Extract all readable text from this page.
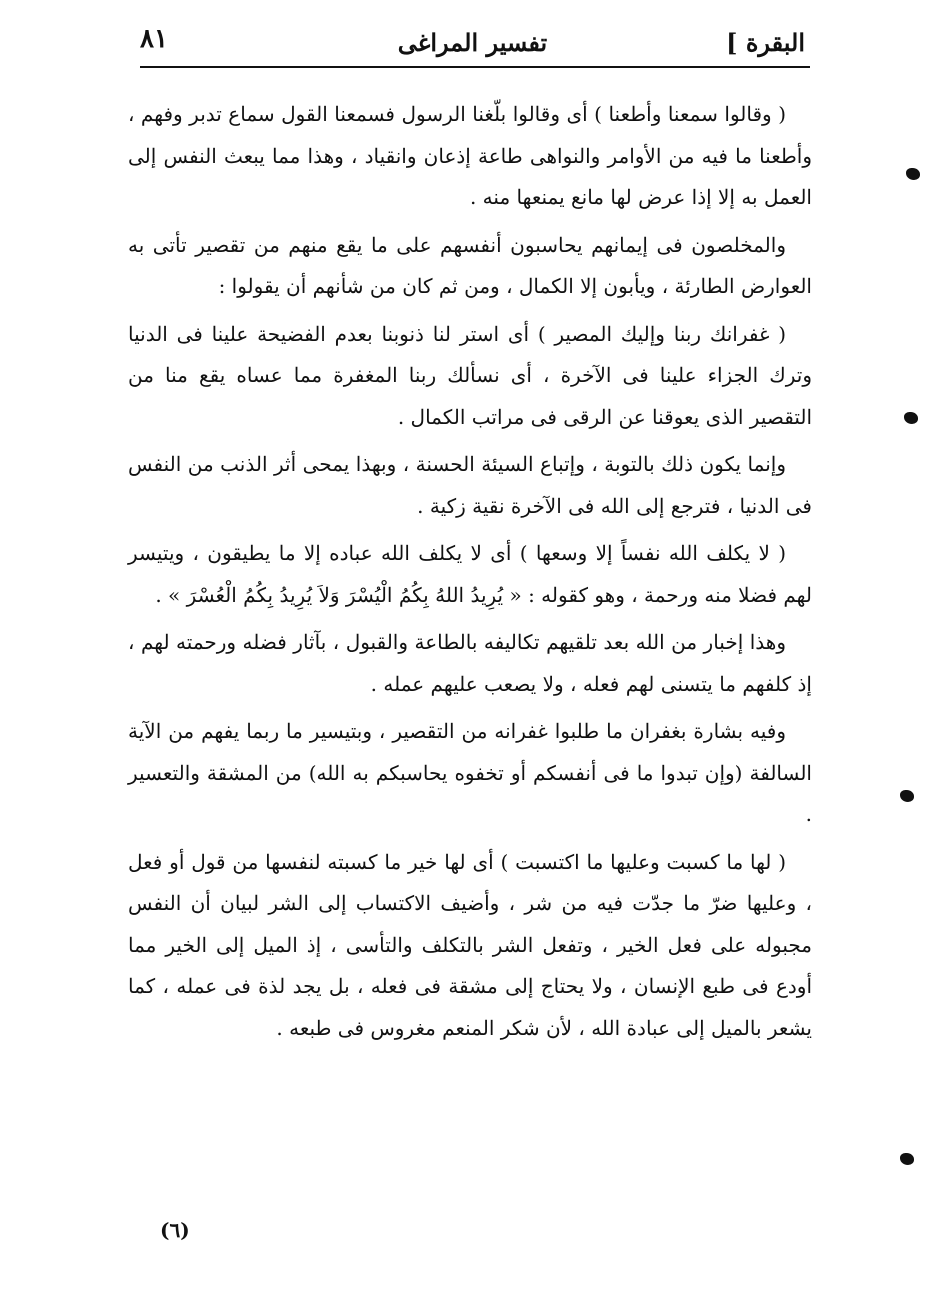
البقرة ]
تفسير المراغى
٨١

( وقالوا سمعنا وأطعنا ) أى وقالوا بلّغنا الرسول فسمعنا القول سماع تدبر وفهم ، وأطعنا ما فيه من الأوامر والنواهى طاعة إذعان وانقياد ، وهذا مما يبعث النفس إلى العمل به إلا إذا عرض لها مانع يمنعها منه .

والمخلصون فى إيمانهم يحاسبون أنفسهم على ما يقع منهم من تقصير تأتى به العوارض الطارئة ، ويأبون إلا الكمال ، ومن ثم كان من شأنهم أن يقولوا :

( غفرانك ربنا وإليك المصير ) أى استر لنا ذنوبنا بعدم الفضيحة علينا فى الدنيا وترك الجزاء علينا فى الآخرة ، أى نسألك ربنا المغفرة مما عساه يقع منا من التقصير الذى يعوقنا عن الرقى فى مراتب الكمال .

وإنما يكون ذلك بالتوبة ، وإتباع السيئة الحسنة ، وبهذا يمحى أثر الذنب من النفس فى الدنيا ، فترجع إلى الله فى الآخرة نقية زكية .

( لا يكلف الله نفساً إلا وسعها ) أى لا يكلف الله عباده إلا ما يطيقون ، ويتيسر لهم فضلا منه ورحمة ، وهو كقوله : « يُرِيدُ اللهُ بِكُمُ الْيُسْرَ وَلاَ يُرِيدُ بِكُمُ الْعُسْرَ » .

وهذا إخبار من الله بعد تلقيهم تكاليفه بالطاعة والقبول ، بآثار فضله ورحمته لهم ، إذ كلفهم ما يتسنى لهم فعله ، ولا يصعب عليهم عمله .

وفيه بشارة بغفران ما طلبوا غفرانه من التقصير ، وبتيسير ما ربما يفهم من الآية السالفة (وإن تبدوا ما فى أنفسكم أو تخفوه يحاسبكم به الله) من المشقة والتعسير .

( لها ما كسبت وعليها ما اكتسبت ) أى لها خير ما كسبته لنفسها من قول أو فعل ، وعليها ضرّ ما جدّت فيه من شر ، وأضيف الاكتساب إلى الشر لبيان أن النفس مجبوله على فعل الخير ، وتفعل الشر بالتكلف والتأسى ، إذ الميل إلى الخير مما أودع فى طبع الإنسان ، ولا يحتاج إلى مشقة فى فعله ، بل يجد لذة فى عمله ، كما يشعر بالميل إلى عبادة الله ، لأن شكر المنعم مغروس فى طبعه .

(٦)
